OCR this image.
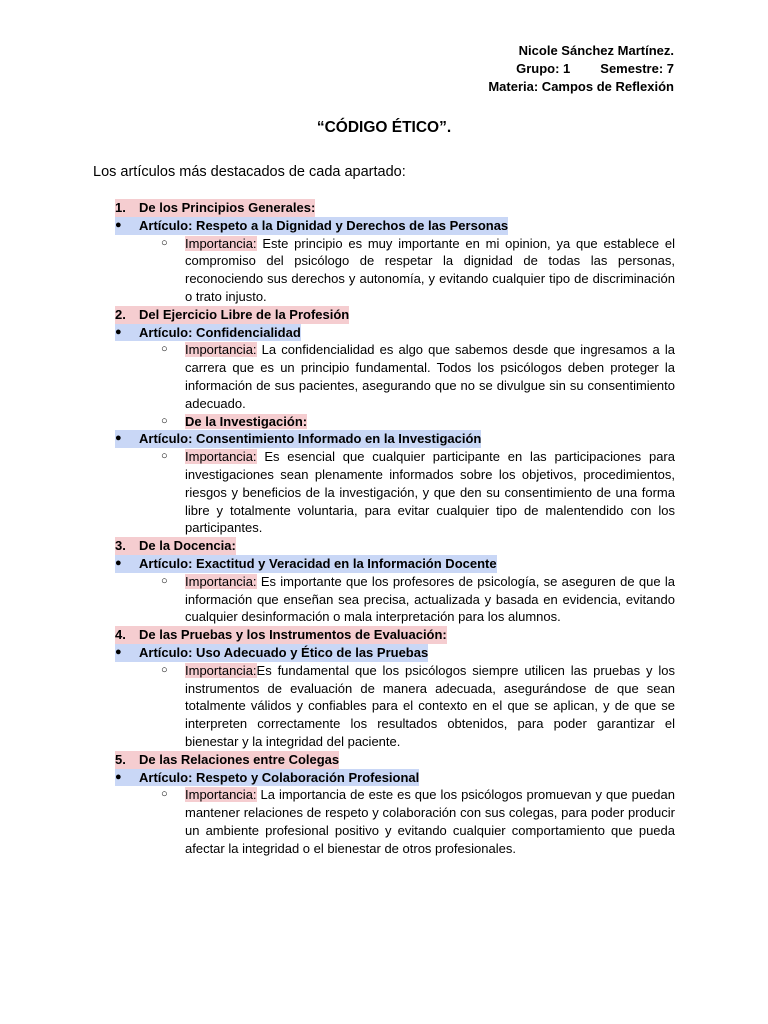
Nicole Sánchez Martínez.
Grupo: 1 Semestre: 7
Materia: Campos de Reflexión
“CÓDIGO ÉTICO”.
Los artículos más destacados de cada apartado:
1.	De los Principios Generales:
●	Artículo: Respeto a la Dignidad y Derechos de las Personas
○	Importancia: Este principio es muy importante en mi opinion, ya que establece el compromiso del psicólogo de respetar la dignidad de todas las personas, reconociendo sus derechos y autonomía, y evitando cualquier tipo de discriminación o trato injusto.
2.	Del Ejercicio Libre de la Profesión
●	Artículo: Confidencialidad
○	Importancia: La confidencialidad es algo que sabemos desde que ingresamos a la carrera que es un principio fundamental. Todos los psicólogos deben proteger la información de sus pacientes, asegurando que no se divulgue sin su consentimiento adecuado.
○	De la Investigación:
●	Artículo: Consentimiento Informado en la Investigación
○	Importancia: Es esencial que cualquier participante en las participaciones para investigaciones sean plenamente informados sobre los objetivos, procedimientos, riesgos y beneficios de la investigación, y que den su consentimiento de una forma libre y totalmente voluntaria, para evitar cualquier tipo de malentendido con los participantes.
3.	De la Docencia:
●	Artículo: Exactitud y Veracidad en la Información Docente
○	Importancia: Es importante que los profesores de psicología, se aseguren de que la información que enseñan sea precisa, actualizada y basada en evidencia, evitando cualquier desinformación o mala interpretación para los alumnos.
4.	De las Pruebas y los Instrumentos de Evaluación:
●	Artículo: Uso Adecuado y Ético de las Pruebas
○	Importancia:Es fundamental que los psicólogos siempre utilicen las pruebas y los instrumentos de evaluación de manera adecuada, asegurándose de que sean totalmente válidos y confiables para el contexto en el que se aplican, y de que se interpreten correctamente los resultados obtenidos, para poder garantizar el bienestar y la integridad del paciente.
5.	De las Relaciones entre Colegas
●	Artículo: Respeto y Colaboración Profesional
○	Importancia: La importancia de este es que los psicólogos promuevan y que puedan mantener relaciones de respeto y colaboración con sus colegas, para poder producir un ambiente profesional positivo y evitando cualquier comportamiento que pueda afectar la integridad o el bienestar de otros profesionales.
